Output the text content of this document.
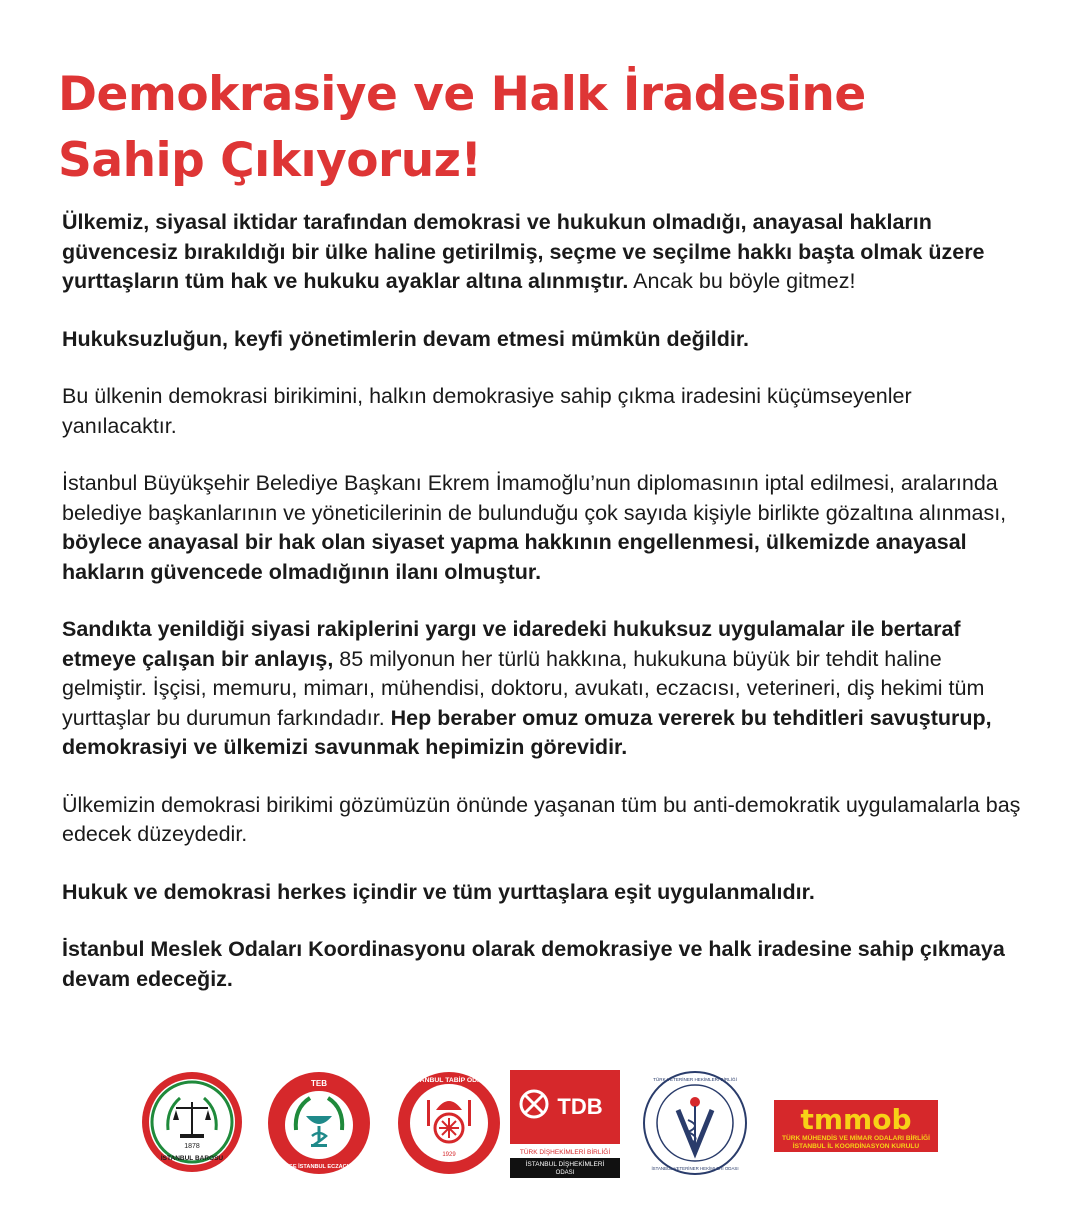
Demokrasiye ve Halk İradesine
Sahip Çıkıyoruz!

Ülkemiz, siyasal iktidar tarafından demokrasi ve hukukun olmadığı, anayasal hakların güvencesiz bırakıldığı bir ülke haline getirilmiş, seçme ve seçilme hakkı başta olmak üzere yurttaşların tüm hak ve hukuku ayaklar altına alınmıştır. Ancak bu böyle gitmez!

Hukuksuzluğun, keyfi yönetimlerin devam etmesi mümkün değildir.

Bu ülkenin demokrasi birikimini, halkın demokrasiye sahip çıkma iradesini küçümseyenler yanılacaktır.

İstanbul Büyükşehir Belediye Başkanı Ekrem İmamoğlu’nun diplomasının iptal edilmesi, aralarında belediye başkanlarının ve yöneticilerinin de bulunduğu çok sayıda kişiyle birlikte gözaltına alınması, böylece anayasal bir hak olan siyaset yapma hakkının engellenmesi, ülkemizde anayasal hakların güvencede olmadığının ilanı olmuştur.

Sandıkta yenildiği siyasi rakiplerini yargı ve idaredeki hukuksuz uygulamalar ile bertaraf etmeye çalışan bir anlayış, 85 milyonun her türlü hakkına, hukukuna büyük bir tehdit haline gelmiştir. İşçisi, memuru, mimarı, mühendisi, doktoru, avukatı, eczacısı, veterineri, diş hekimi tüm yurttaşlar bu durumun farkındadır. Hep beraber omuz omuza vererek bu tehditleri savuşturup, demokrasiyi ve ülkemizi savunmak hepimizin görevidir.

Ülkemizin demokrasi birikimi gözümüzün önünde yaşanan tüm bu anti-demokratik uygulamalarla baş edecek düzeydedir.

Hukuk ve demokrasi herkes içindir ve tüm yurttaşlara eşit uygulanmalıdır.

İstanbul Meslek Odaları Koordinasyonu olarak demokrasiye ve halk iradesine sahip çıkmaya devam edeceğiz.

1878
İSTANBUL BAROSU
TEB
1. BÖLGE İSTANBUL ECZACI ODASI
İSTANBUL TABİP ODASI
1929
TDB
TÜRK DİŞHEKİMLERİ BİRLİĞİ
İSTANBUL DİŞHEKİMLERİ
ODASI
TÜRK VETERİNER HEKİMLERİ BİRLİĞİ
İSTANBUL VETERİNER HEKİMLERİ ODASI
tmmob
TÜRK MÜHENDİS VE MİMAR ODALARI BİRLİĞİ
İSTANBUL İL KOORDİNASYON KURULU
